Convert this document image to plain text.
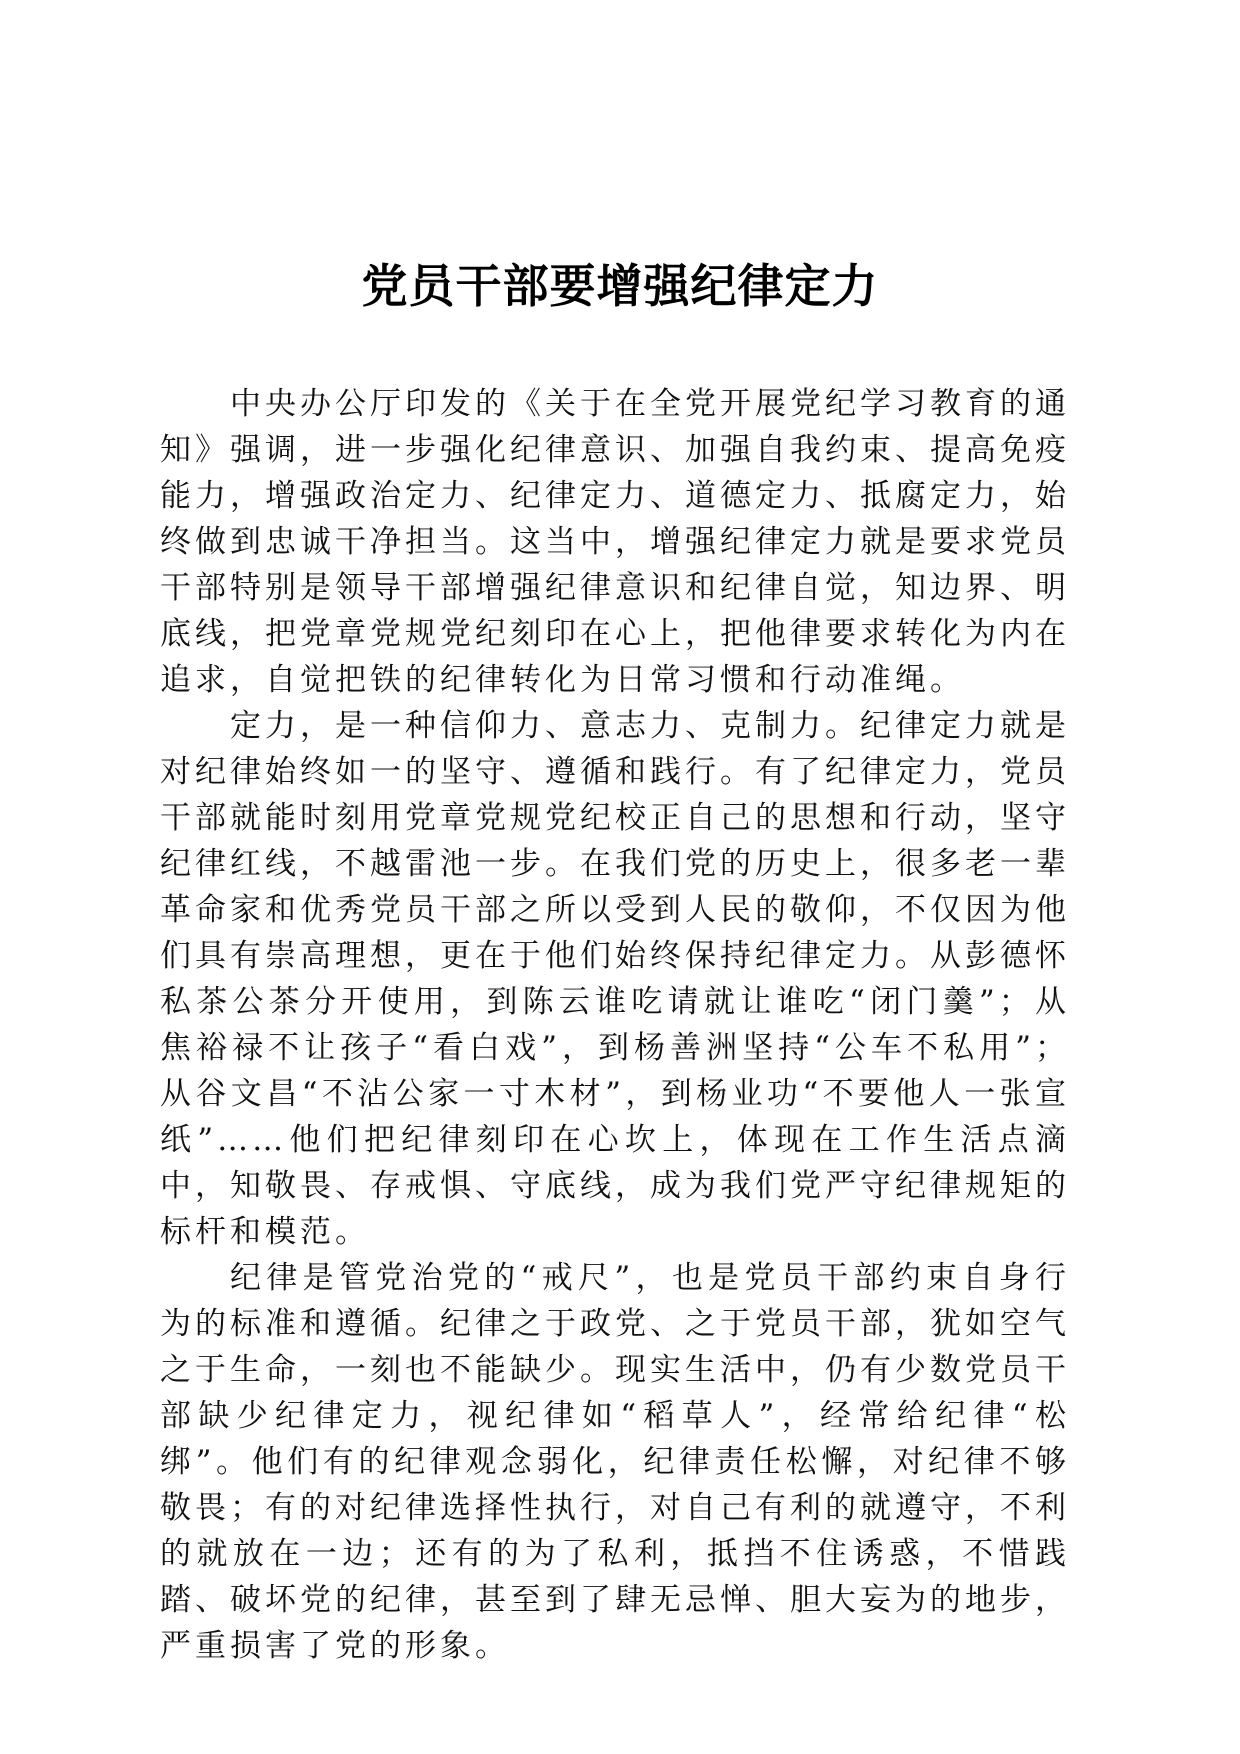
党员干部要增强纪律定力

中央办公厅印发的《关于在全党开展党纪学习教育的通知》强调，进一步强化纪律意识、加强自我约束、提高免疫能力，增强政治定力、纪律定力、道德定力、抵腐定力，始终做到忠诚干净担当。这当中，增强纪律定力就是要求党员干部特别是领导干部增强纪律意识和纪律自觉，知边界、明底线，把党章党规党纪刻印在心上，把他律要求转化为内在追求，自觉把铁的纪律转化为日常习惯和行动准绳。

定力，是一种信仰力、意志力、克制力。纪律定力就是对纪律始终如一的坚守、遵循和践行。有了纪律定力，党员干部就能时刻用党章党规党纪校正自己的思想和行动，坚守纪律红线，不越雷池一步。在我们党的历史上，很多老一辈革命家和优秀党员干部之所以受到人民的敬仰，不仅因为他们具有崇高理想，更在于他们始终保持纪律定力。从彭德怀私茶公茶分开使用，到陈云谁吃请就让谁吃“闭门羹”；从焦裕禄不让孩子“看白戏”，到杨善洲坚持“公车不私用”；从谷文昌“不沾公家一寸木材”，到杨业功“不要他人一张宣纸”……他们把纪律刻印在心坎上，体现在工作生活点滴中，知敬畏、存戒惧、守底线，成为我们党严守纪律规矩的标杆和模范。

纪律是管党治党的“戒尺”，也是党员干部约束自身行为的标准和遵循。纪律之于政党、之于党员干部，犹如空气之于生命，一刻也不能缺少。现实生活中，仍有少数党员干部缺少纪律定力，视纪律如“稻草人”，经常给纪律“松绑”。他们有的纪律观念弱化，纪律责任松懈，对纪律不够敬畏；有的对纪律选择性执行，对自己有利的就遵守，不利的就放在一边；还有的为了私利，抵挡不住诱惑，不惜践踏、破坏党的纪律，甚至到了肆无忌惮、胆大妄为的地步，严重损害了党的形象。
